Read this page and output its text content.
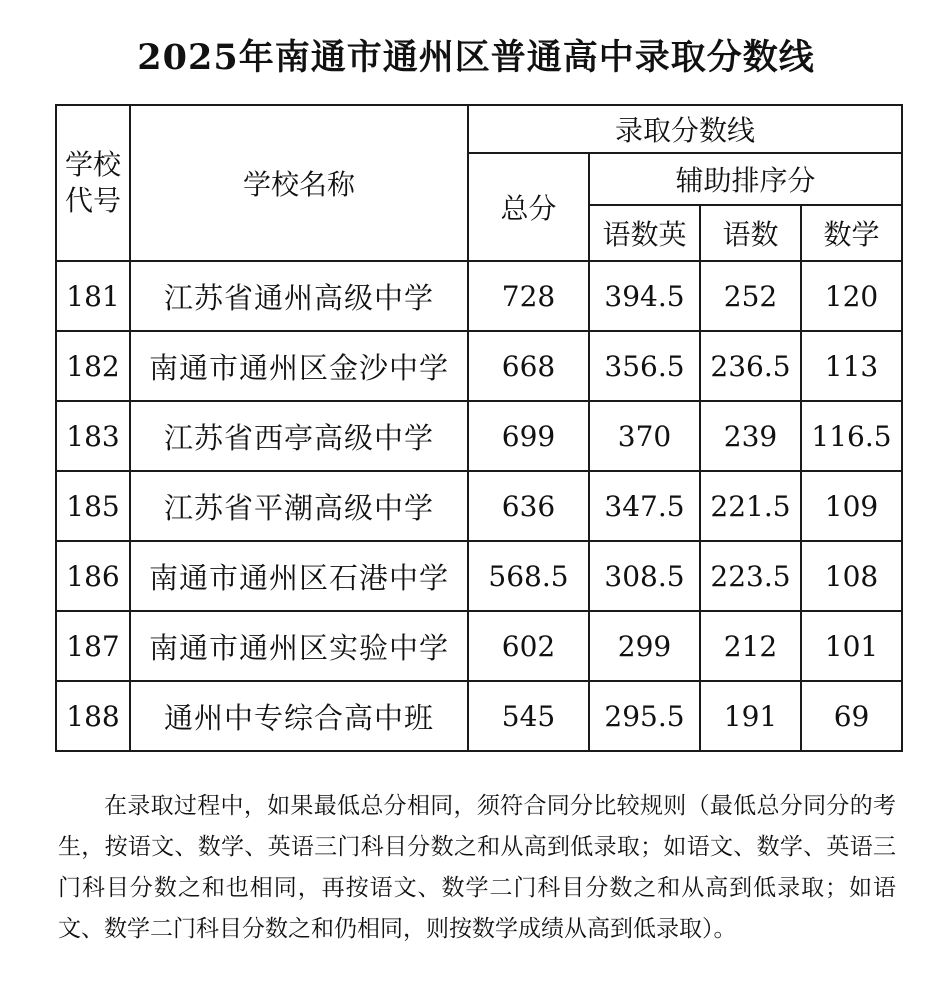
2025年南通市通州区普通高中录取分数线
学校代号	学校名称	录取分数线			
		总分	辅助排序分		
			语数英	语数	数学
181	江苏省通州高级中学	728	394.5	252	120
182	南通市通州区金沙中学	668	356.5	236.5	113
183	江苏省西亭高级中学	699	370	239	116.5
185	江苏省平潮高级中学	636	347.5	221.5	109
186	南通市通州区石港中学	568.5	308.5	223.5	108
187	南通市通州区实验中学	602	299	212	101
188	通州中专综合高中班	545	295.5	191	69

在录取过程中，如果最低总分相同，须符合同分比较规则（最低总分同分的考生，按语文、数学、英语三门科目分数之和从高到低录取；如语文、数学、英语三门科目分数之和也相同，再按语文、数学二门科目分数之和从高到低录取；如语文、数学二门科目分数之和仍相同，则按数学成绩从高到低录取）。
